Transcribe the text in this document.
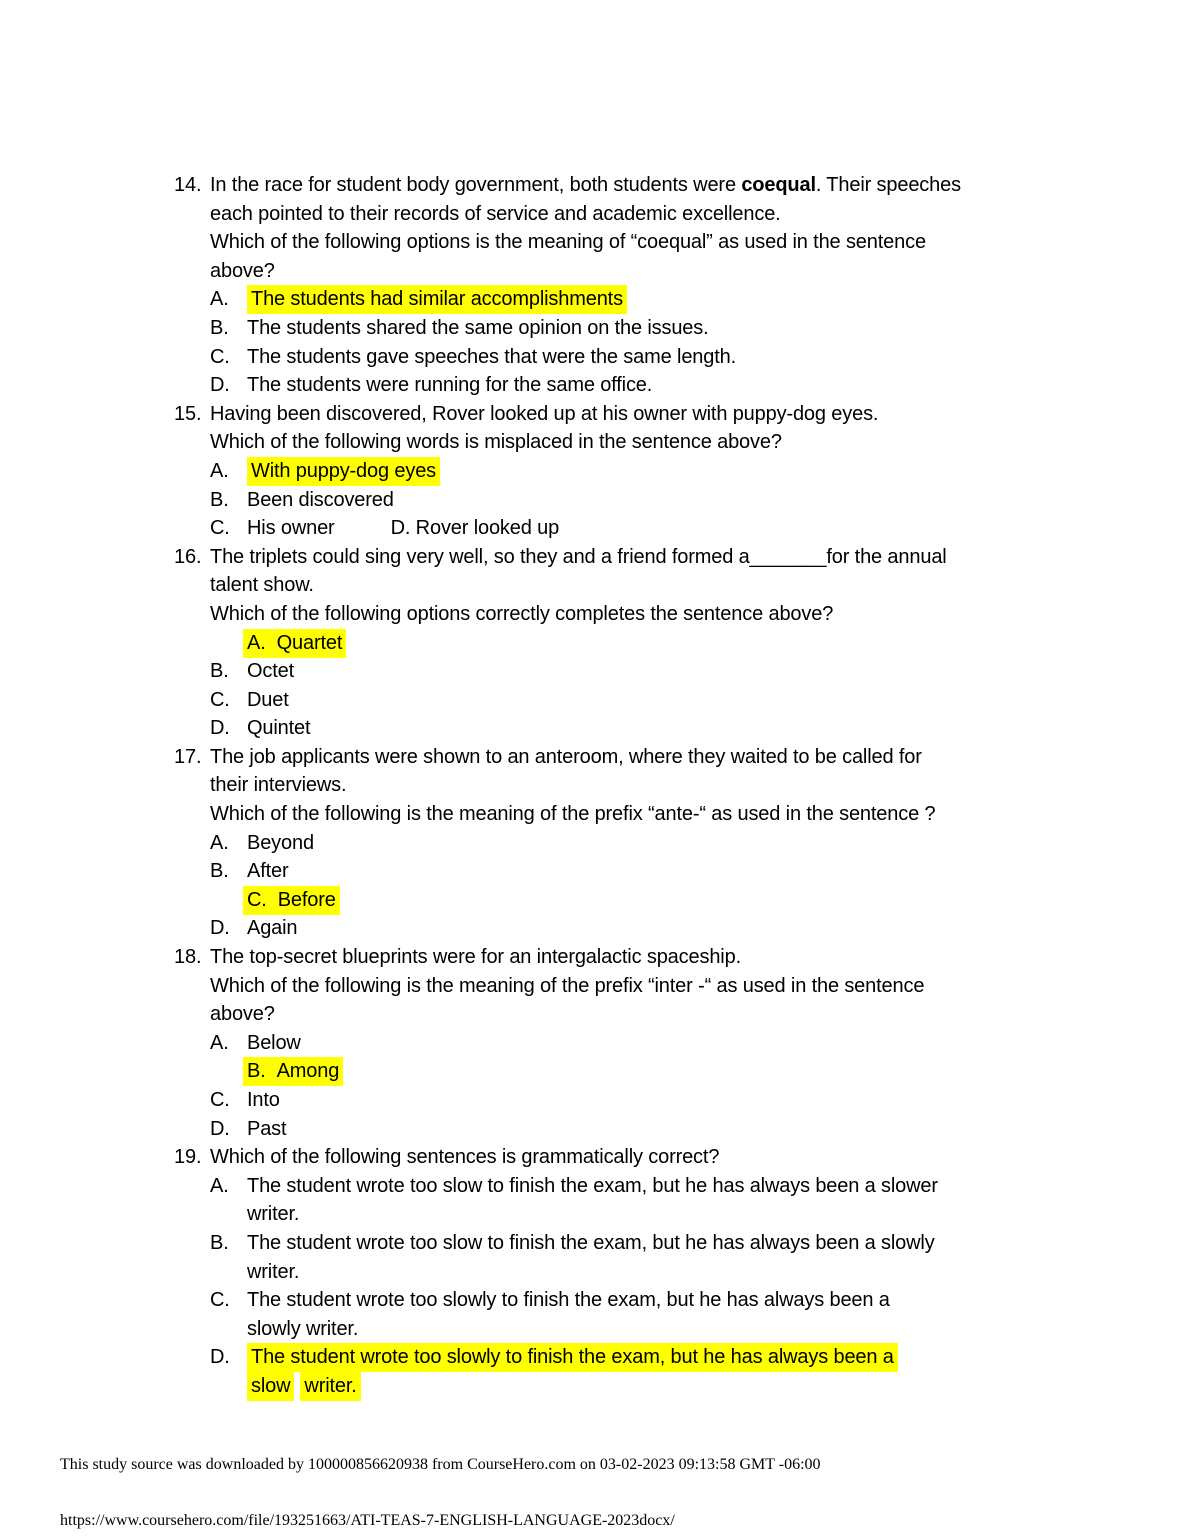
14. In the race for student body government, both students were coequal. Their speeches
each pointed to their records of service and academic excellence.
Which of the following options is the meaning of “coequal” as used in the sentence
above?
A. The students had similar accomplishments
B. The students shared the same opinion on the issues.
C. The students gave speeches that were the same length.
D. The students were running for the same office.
15. Having been discovered, Rover looked up at his owner with puppy-dog eyes.
Which of the following words is misplaced in the sentence above?
A. With puppy-dog eyes
B. Been discovered
C. His owner	D. Rover looked up
16. The triplets could sing very well, so they and a friend formed a_______for the annual
talent show.
Which of the following options correctly completes the sentence above?
A. Quartet
B. Octet
C. Duet
D. Quintet
17. The job applicants were shown to an anteroom, where they waited to be called for
their interviews.
Which of the following is the meaning of the prefix “ante-“ as used in the sentence ?
A. Beyond
B. After
C. Before
D. Again
18. The top-secret blueprints were for an intergalactic spaceship.
Which of the following is the meaning of the prefix “inter -“ as used in the sentence
above?
A. Below
B. Among
C. Into
D. Past
19. Which of the following sentences is grammatically correct?
A. The student wrote too slow to finish the exam, but he has always been a slower
writer.
B. The student wrote too slow to finish the exam, but he has always been a slowly
writer.
C. The student wrote too slowly to finish the exam, but he has always been a
slowly writer.
D. The student wrote too slowly to finish the exam, but he has always been a
slow writer.
This study source was downloaded by 100000856620938 from CourseHero.com on 03-02-2023 09:13:58 GMT -06:00
https://www.coursehero.com/file/193251663/ATI-TEAS-7-ENGLISH-LANGUAGE-2023docx/
